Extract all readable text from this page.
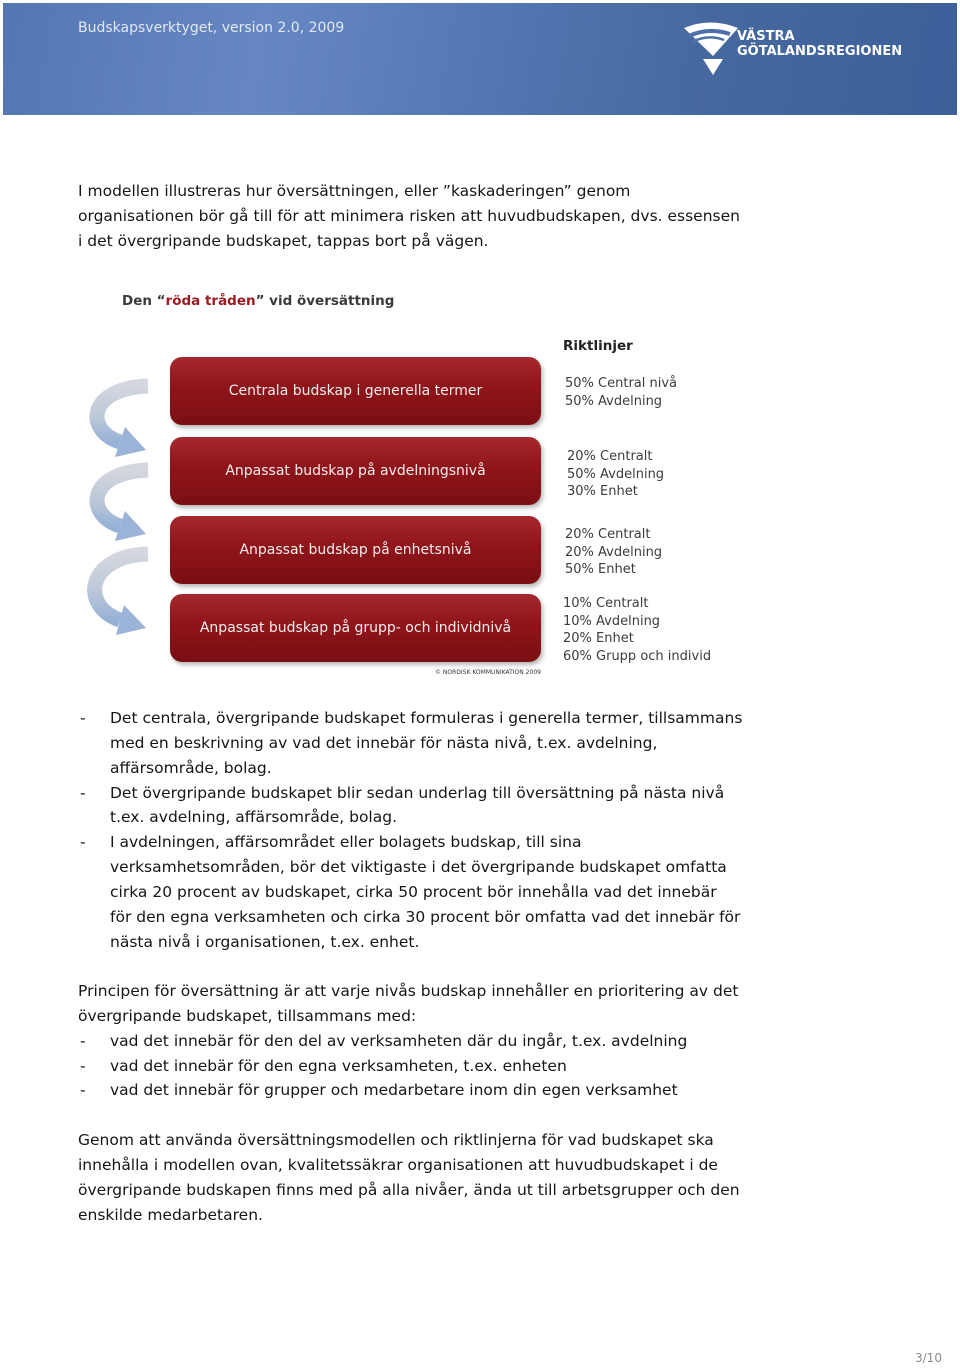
Budskapsverktyget, version 2.0, 2009
VÄSTRA
GÖTALANDSREGIONEN
I modellen illustreras hur översättningen, eller ”kaskaderingen” genom
organisationen bör gå till för att minimera risken att huvudbudskapen, dvs. essensen
i det övergripande budskapet, tappas bort på vägen.
Den “röda tråden” vid översättning
Riktlinjer
Centrala budskap i generella termer
Anpassat budskap på avdelningsnivå
Anpassat budskap på enhetsnivå
Anpassat budskap på grupp- och individnivå
50% Central nivå
50% Avdelning
20% Centralt
50% Avdelning
30% Enhet
20% Centralt
20% Avdelning
50% Enhet
10% Centralt
10% Avdelning
20% Enhet
60% Grupp och individ
© NORDISK KOMMUNIKATION 2009
- Det centrala, övergripande budskapet formuleras i generella termer, tillsammans
med en beskrivning av vad det innebär för nästa nivå, t.ex. avdelning,
affärsområde, bolag.
- Det övergripande budskapet blir sedan underlag till översättning på nästa nivå
t.ex. avdelning, affärsområde, bolag.
- I avdelningen, affärsområdet eller bolagets budskap, till sina
verksamhetsområden, bör det viktigaste i det övergripande budskapet omfatta
cirka 20 procent av budskapet, cirka 50 procent bör innehålla vad det innebär
för den egna verksamheten och cirka 30 procent bör omfatta vad det innebär för
nästa nivå i organisationen, t.ex. enhet.
Principen för översättning är att varje nivås budskap innehåller en prioritering av det
övergripande budskapet, tillsammans med:
- vad det innebär för den del av verksamheten där du ingår, t.ex. avdelning
- vad det innebär för den egna verksamheten, t.ex. enheten
- vad det innebär för grupper och medarbetare inom din egen verksamhet
Genom att använda översättningsmodellen och riktlinjerna för vad budskapet ska
innehålla i modellen ovan, kvalitetssäkrar organisationen att huvudbudskapet i de
övergripande budskapen finns med på alla nivåer, ända ut till arbetsgrupper och den
enskilde medarbetaren.
3/10
